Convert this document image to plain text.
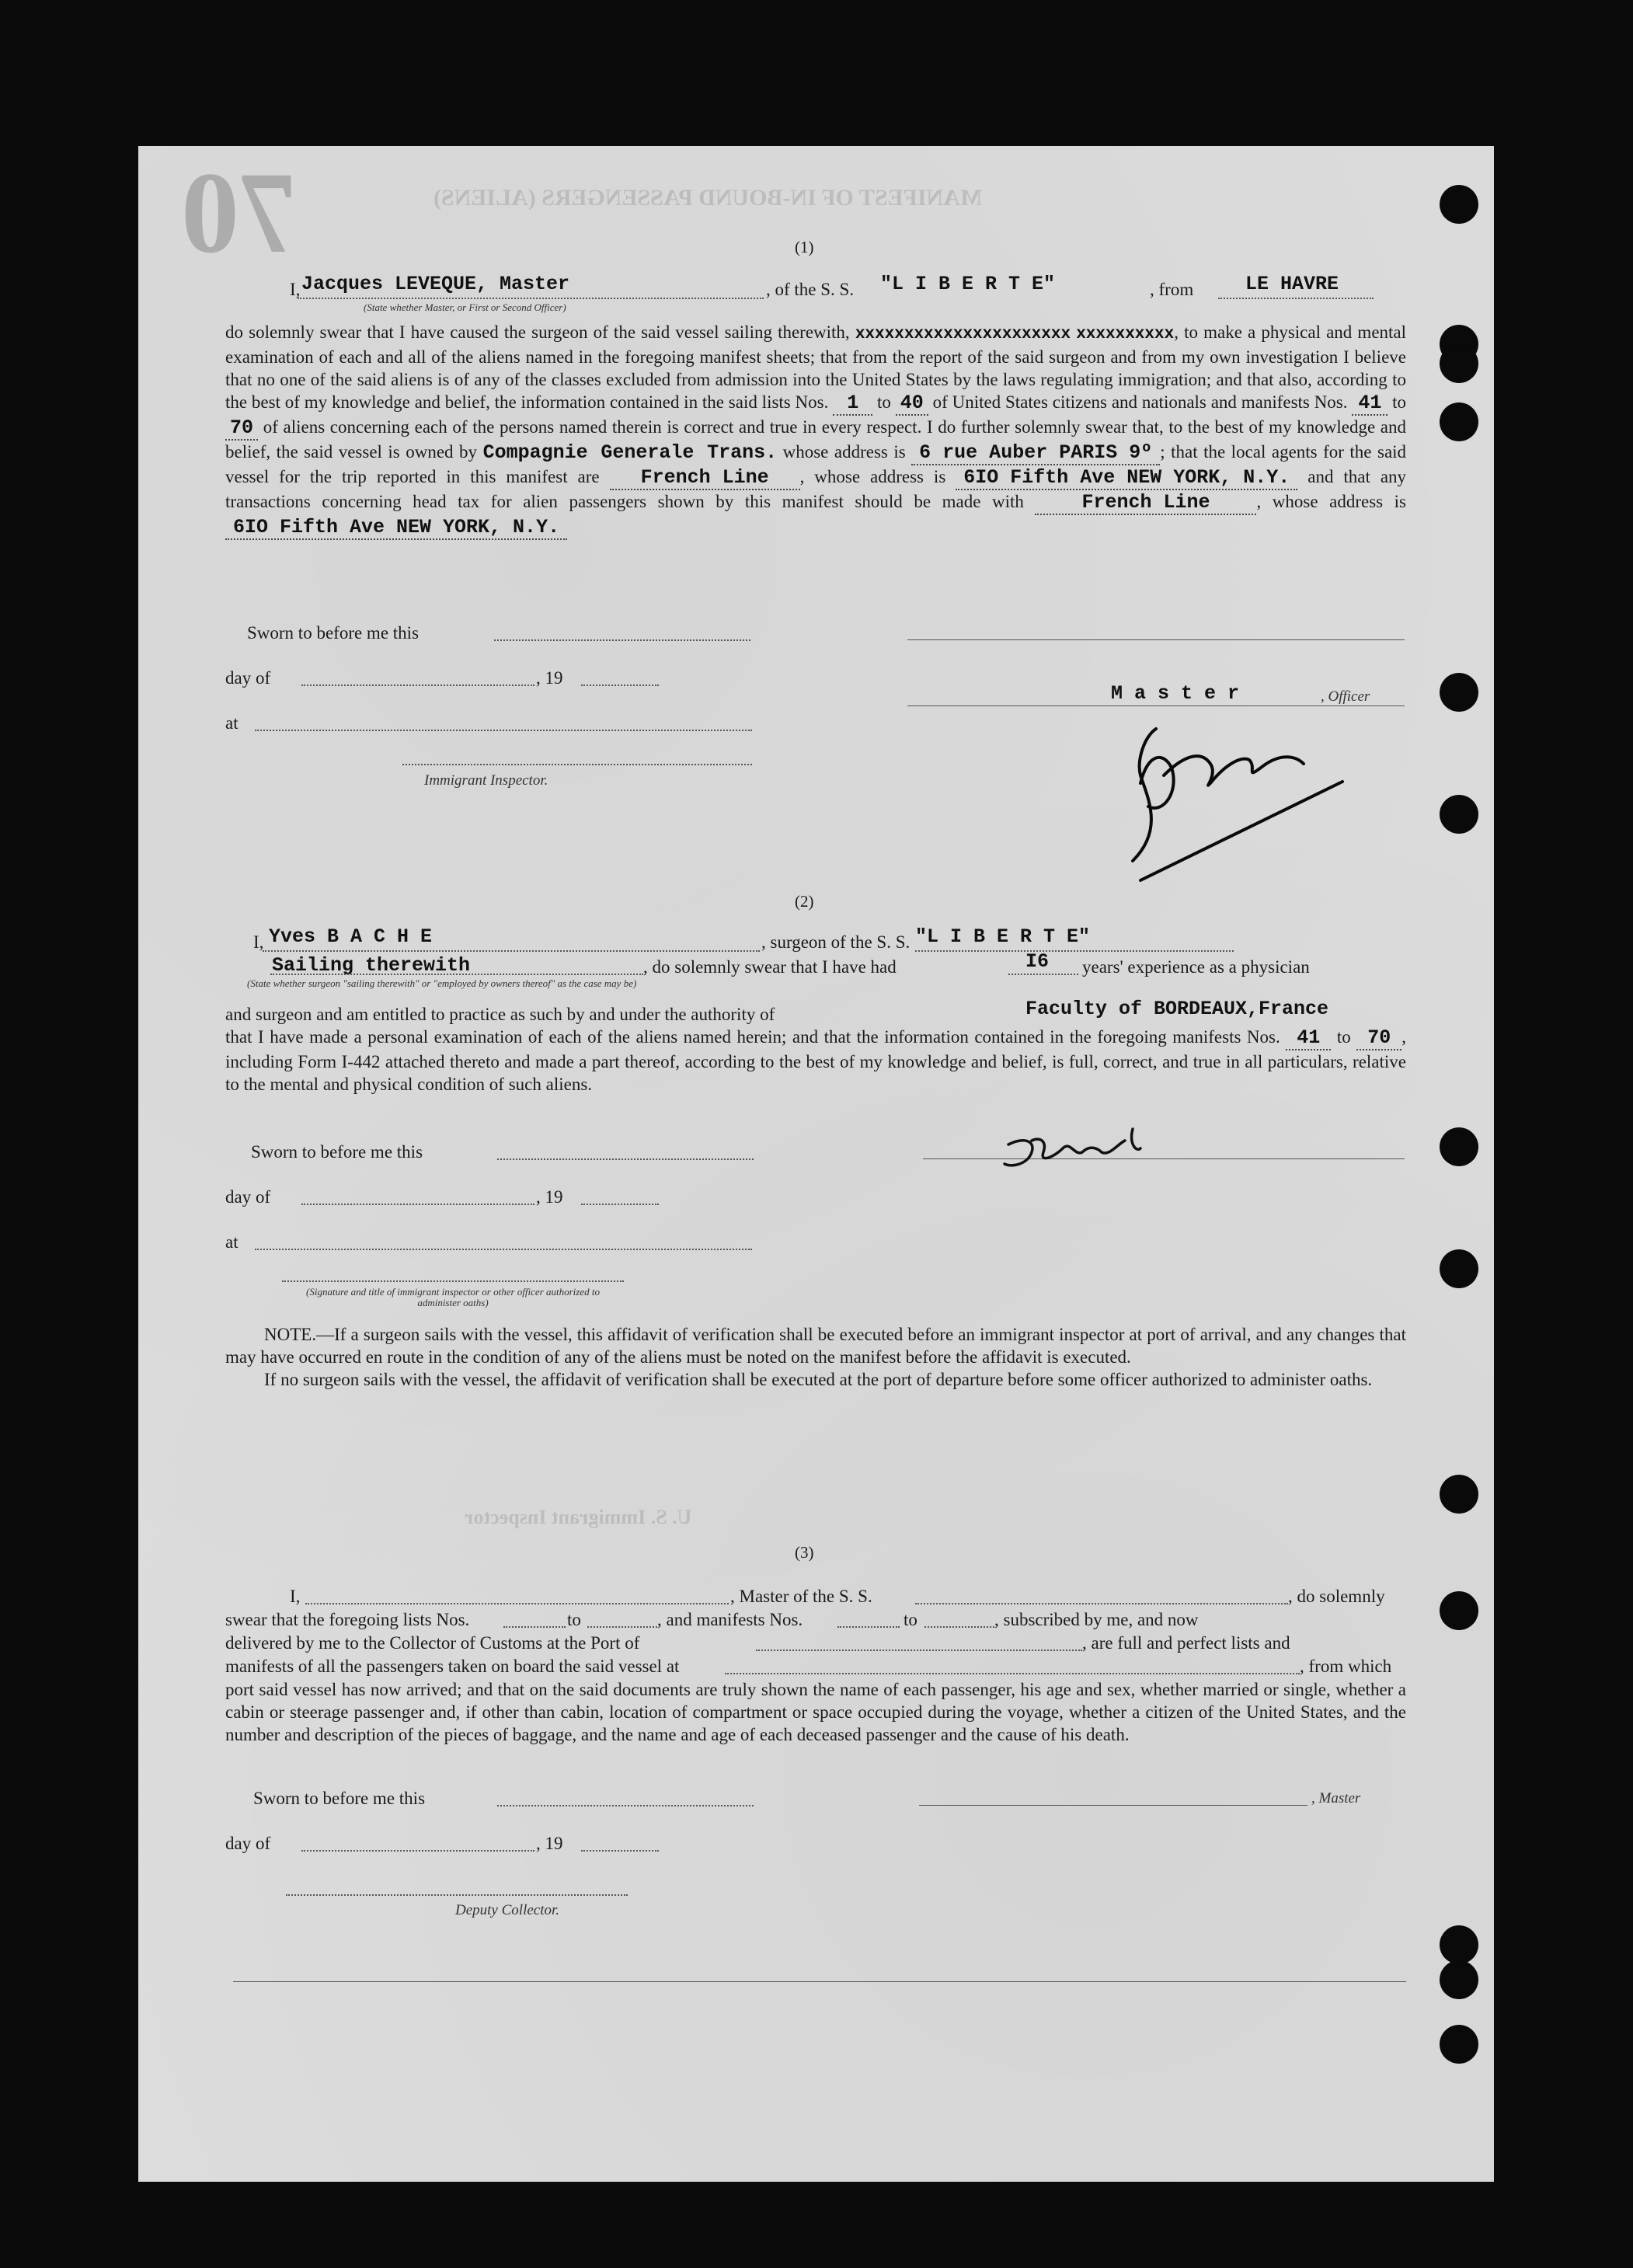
MANIFEST OF IN-BOUND PASSENGERS (ALIENS)
U. S. Immigrant Inspector
70	(1)
I, Jacques LEVEQUE, Master
(State whether Master, or First or Second Officer)
, of the S. S. "L I B E R T E"	, from	LE HAVRE

do solemnly swear that I have caused the surgeon of the said vessel sailing therewith, xxxxxxxxxxxxxxxxxxxxxx xxxxxxxxxx, to make a physical and mental examination of each and all of the aliens named in the foregoing manifest sheets; that from the report of the said surgeon and from my own investigation I believe that no one of the said aliens is of any of the classes excluded from admission into the United States by the laws regulating immigration; and that also, according to the best of my knowledge and belief, the information contained in the said lists Nos. 1 to 40 of United States citizens and nationals and manifests Nos. 41 to70 of aliens concerning each of the persons named therein is correct and true in every respect. I do further solemnly swear that, to the best of my knowledge and belief, the said vessel is owned by Compagnie Generale Trans. whose address is 6 rue Auber PARIS 9º ; that the local agents for the said vessel for the trip reported in this manifest are French Line , whose address is 6IO Fifth Ave NEW YORK, N.Y. and that any transactions concerning head tax for alien passengers shown by this manifest should be made with	French Line	, whose address is 6IO Fifth Ave NEW YORK, N.Y.

Sworn to before me this
day of	, 19
at
Immigrant Inspector.
M a s t e r	, Officer
(2)
I, Yves B A C H E	, surgeon of the S. S. "L I B E R T E"
Sailing therewith	, do solemnly swear that I have had	I6 years' experience as a physician
(State whether surgeon "sailing therewith" or "employed by owners thereof" as the case may be)
and surgeon and am entitled to practice as such by and under the authority of	Faculty of BORDEAUX,France

that I have made a personal examination of each of the aliens named herein; and that the information contained in the foregoing manifests Nos. 41 to 70 , including Form I-442 attached thereto and made a part thereof, according to the best of my knowledge and belief, is full, correct, and true in all particulars, relative to the mental and physical condition of such aliens.

Sworn to before me this
day of	, 19
at
(Signature and title of immigrant inspector or other officer authorized to administer oaths)

NOTE.—If a surgeon sails with the vessel, this affidavit of verification shall be executed before an immigrant inspector at port of arrival, and any changes that may have occurred en route in the condition of any of the aliens must be noted on the manifest before the affidavit is executed.

If no surgeon sails with the vessel, the affidavit of verification shall be executed at the port of departure before some officer authorized to administer oaths.

(3)
I,	, Master of the S. S.	, do solemnly
swear that the foregoing lists Nos.	to	, and manifests Nos.	to	, subscribed by me, and now
delivered by me to the Collector of Customs at the Port of	, are full and perfect lists and
manifests of all the passengers taken on board the said vessel at	, from which

port said vessel has now arrived; and that on the said documents are truly shown the name of each passenger, his age and sex, whether married or single, whether a cabin or steerage passenger and, if other than cabin, location of compartment or space occupied during the voyage, whether a citizen of the United States, and the number and description of the pieces of baggage, and the name and age of each deceased passenger and the cause of his death.

Sworn to before me this	, Master
day of	, 19
Deputy Collector.
